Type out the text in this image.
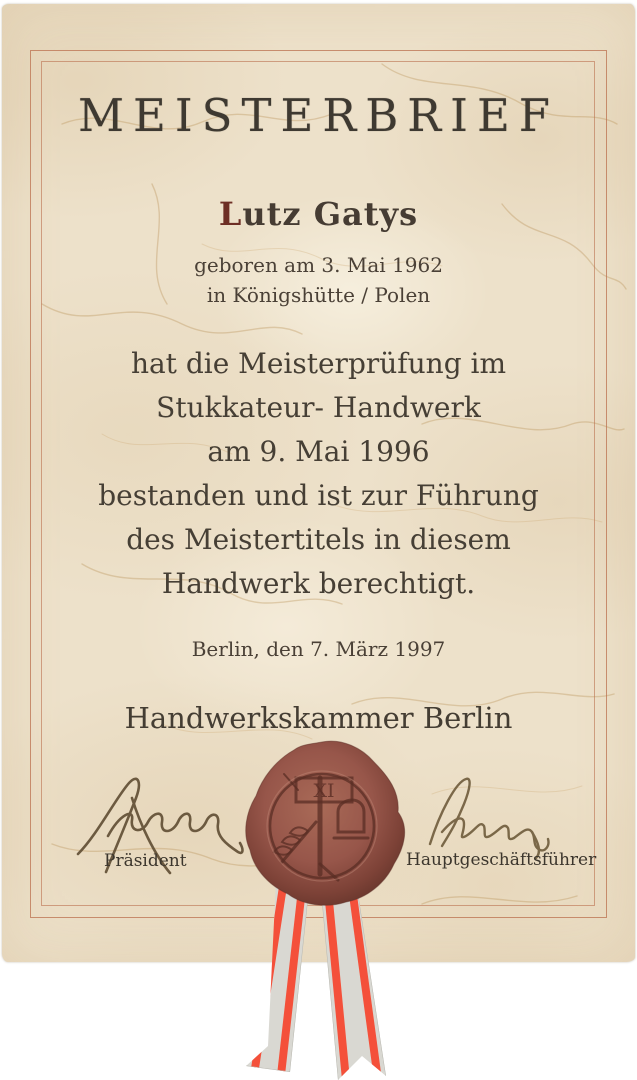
MEISTERBRIEF
Lutz Gatys
geboren am 3. Mai 1962
in Königshütte / Polen
hat die Meisterprüfung im
Stukkateur- Handwerk
am 9. Mai 1996
bestanden und ist zur Führung
des Meistertitels in diesem
Handwerk berechtigt.
Berlin, den 7. März 1997
Handwerkskammer Berlin
Präsident	Hauptgeschäftsführer
XI
